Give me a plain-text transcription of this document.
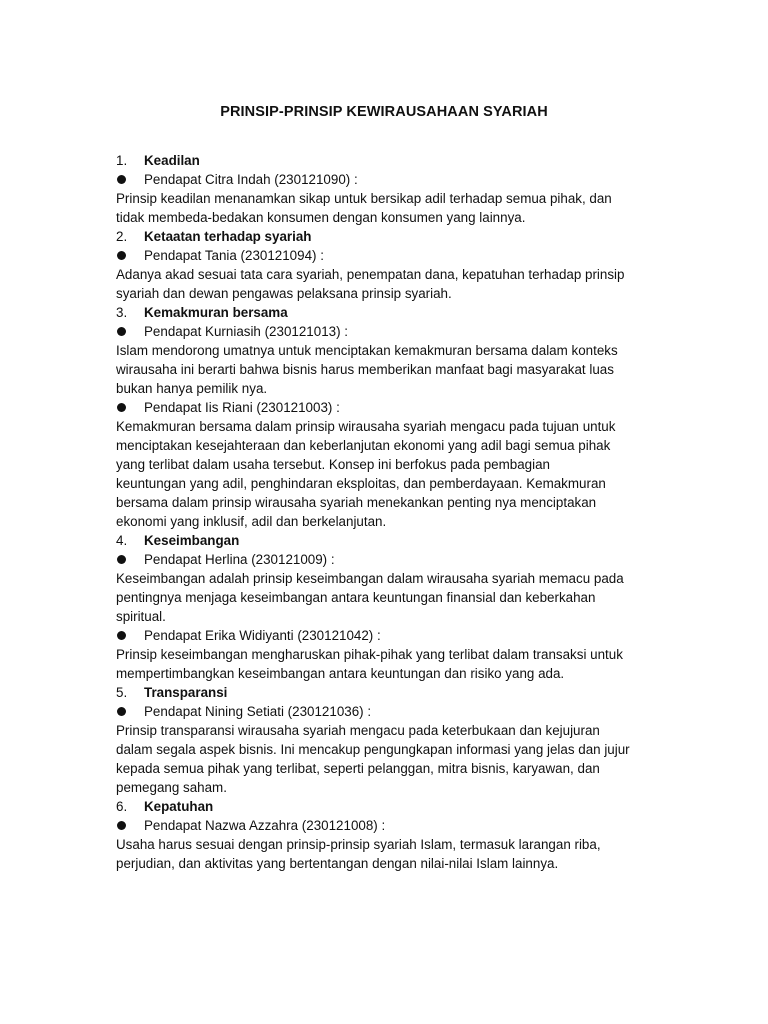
PRINSIP-PRINSIP KEWIRAUSAHAAN SYARIAH
1. Keadilan
Pendapat Citra Indah (230121090) :
Prinsip keadilan menanamkan sikap untuk bersikap adil terhadap semua pihak, dan
tidak membeda-bedakan konsumen dengan konsumen yang lainnya.
2. Ketaatan terhadap syariah
Pendapat Tania (230121094) :
Adanya akad sesuai tata cara syariah, penempatan dana, kepatuhan terhadap prinsip
syariah dan dewan pengawas pelaksana prinsip syariah.
3. Kemakmuran bersama
Pendapat Kurniasih (230121013) :
Islam mendorong umatnya untuk menciptakan kemakmuran bersama dalam konteks
wirausaha ini berarti bahwa bisnis harus memberikan manfaat bagi masyarakat luas
bukan hanya pemilik nya.
Pendapat Iis Riani (230121003) :
Kemakmuran bersama dalam prinsip wirausaha syariah mengacu pada tujuan untuk
menciptakan kesejahteraan dan keberlanjutan ekonomi yang adil bagi semua pihak
yang terlibat dalam usaha tersebut. Konsep ini berfokus pada pembagian
keuntungan yang adil, penghindaran eksploitas, dan pemberdayaan. Kemakmuran
bersama dalam prinsip wirausaha syariah menekankan penting nya menciptakan
ekonomi yang inklusif, adil dan berkelanjutan.
4. Keseimbangan
Pendapat Herlina (230121009) :
Keseimbangan adalah prinsip keseimbangan dalam wirausaha syariah memacu pada
pentingnya menjaga keseimbangan antara keuntungan finansial dan keberkahan
spiritual.
Pendapat Erika Widiyanti (230121042) :
Prinsip keseimbangan mengharuskan pihak-pihak yang terlibat dalam transaksi untuk
mempertimbangkan keseimbangan antara keuntungan dan risiko yang ada.
5. Transparansi
Pendapat Nining Setiati (230121036) :
Prinsip transparansi wirausaha syariah mengacu pada keterbukaan dan kejujuran
dalam segala aspek bisnis. Ini mencakup pengungkapan informasi yang jelas dan jujur
kepada semua pihak yang terlibat, seperti pelanggan, mitra bisnis, karyawan, dan
pemegang saham.
6. Kepatuhan
Pendapat Nazwa Azzahra (230121008) :
Usaha harus sesuai dengan prinsip-prinsip syariah Islam, termasuk larangan riba,
perjudian, dan aktivitas yang bertentangan dengan nilai-nilai Islam lainnya.
